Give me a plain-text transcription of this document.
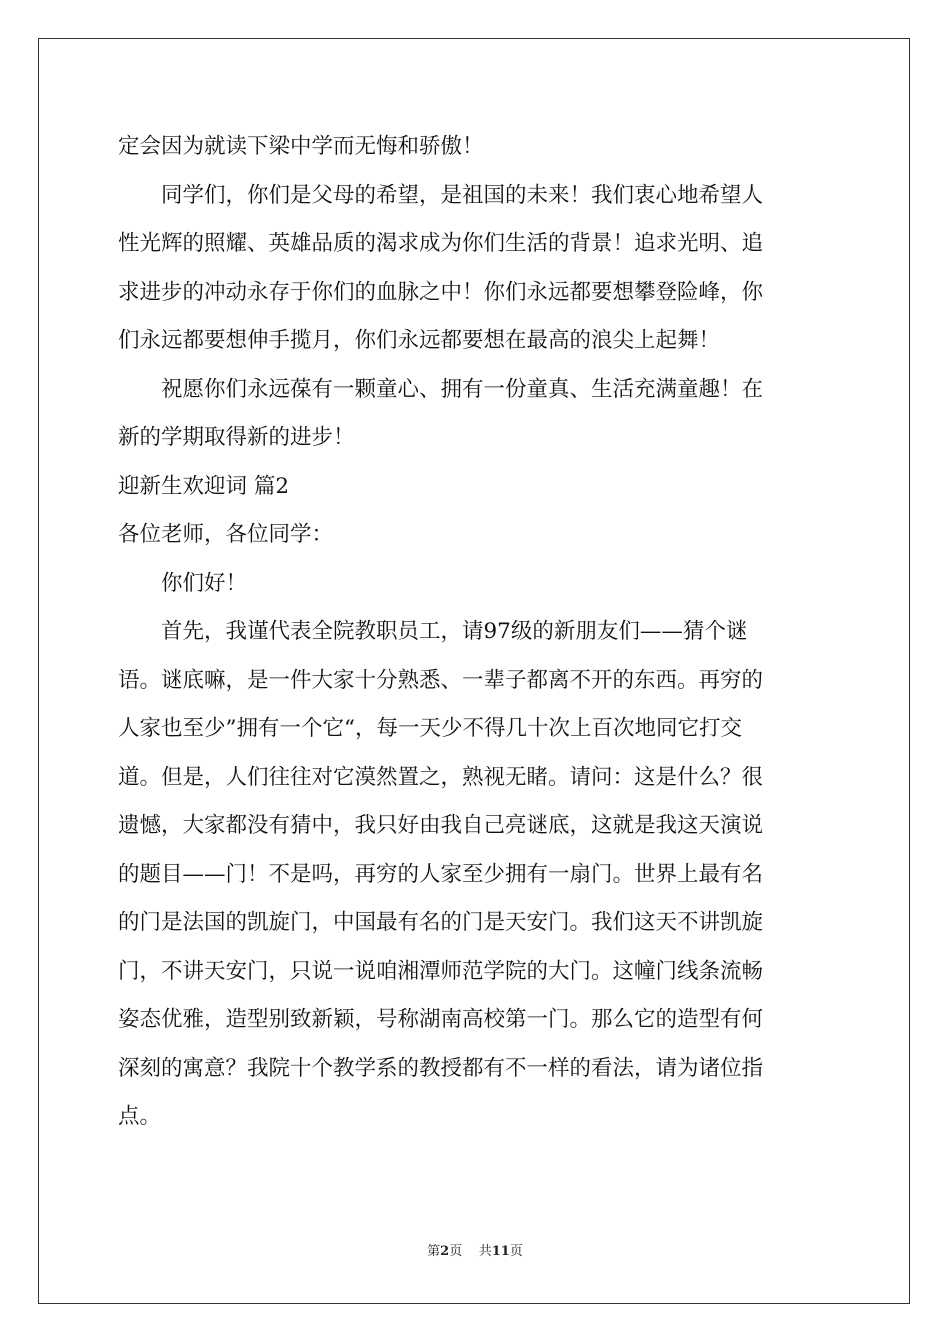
定会因为就读下梁中学而无悔和骄傲！
　　同学们，你们是父母的希望，是祖国的未来！我们衷心地希望人
性光辉的照耀、英雄品质的渴求成为你们生活的背景！追求光明、追
求进步的冲动永存于你们的血脉之中！你们永远都要想攀登险峰，你
们永远都要想伸手揽月，你们永远都要想在最高的浪尖上起舞！
　　祝愿你们永远葆有一颗童心、拥有一份童真、生活充满童趣！在
新的学期取得新的进步！
迎新生欢迎词 篇2
各位老师，各位同学：
　　你们好！
　　首先，我谨代表全院教职员工，请97级的新朋友们——猜个谜
语。谜底嘛，是一件大家十分熟悉、一辈子都离不开的东西。再穷的
人家也至少”拥有一个它“，每一天少不得几十次上百次地同它打交
道。但是，人们往往对它漠然置之，熟视无睹。请问：这是什么？很
遗憾，大家都没有猜中，我只好由我自己亮谜底，这就是我这天演说
的题目——门！不是吗，再穷的人家至少拥有一扇门。世界上最有名
的门是法国的凯旋门，中国最有名的门是天安门。我们这天不讲凯旋
门，不讲天安门，只说一说咱湘潭师范学院的大门。这幢门线条流畅
姿态优雅，造型别致新颖，号称湖南高校第一门。那么它的造型有何
深刻的寓意？我院十个教学系的教授都有不一样的看法，请为诸位指
点。
第2页 共11页
